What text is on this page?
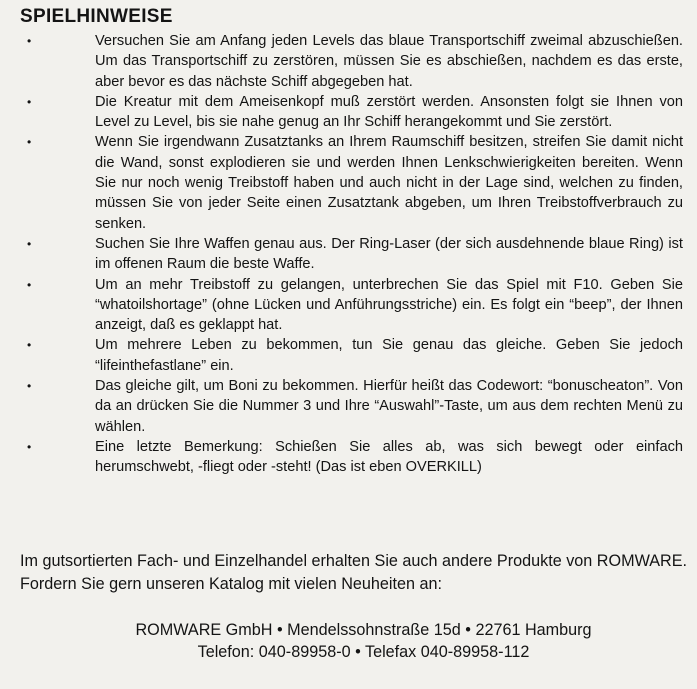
SPIELHINWEISE
•	Versuchen Sie am Anfang jeden Levels das blaue Transportschiff zweimal abzuschießen. Um das Transportschiff zu zerstören, müssen Sie es abschießen, nachdem es das erste, aber bevor es das nächste Schiff abgegeben hat.
•	Die Kreatur mit dem Ameisenkopf muß zerstört werden. Ansonsten folgt sie Ihnen von Level zu Level, bis sie nahe genug an Ihr Schiff herangekommt und Sie zerstört.
•	Wenn Sie irgendwann Zusatztanks an Ihrem Raumschiff besitzen, streifen Sie damit nicht die Wand, sonst explodieren sie und werden Ihnen Lenkschwierigkeiten bereiten. Wenn Sie nur noch wenig Treibstoff haben und auch nicht in der Lage sind, welchen zu finden, müssen Sie von jeder Seite einen Zusatztank abgeben, um Ihren Treibstoffverbrauch zu senken.
•	Suchen Sie Ihre Waffen genau aus. Der Ring-Laser (der sich ausdehnende blaue Ring) ist im offenen Raum die beste Waffe.
•	Um an mehr Treibstoff zu gelangen, unterbrechen Sie das Spiel mit F10. Geben Sie “whatoilshortage” (ohne Lücken und Anführungsstriche) ein. Es folgt ein “beep”, der Ihnen anzeigt, daß es geklappt hat.
•	Um mehrere Leben zu bekommen, tun Sie genau das gleiche. Geben Sie jedoch “lifeinthefastlane” ein.
•	Das gleiche gilt, um Boni zu bekommen. Hierfür heißt das Codewort: “bonuscheaton”. Von da an drücken Sie die Nummer 3 und Ihre “Auswahl”-Taste, um aus dem rechten Menü zu wählen.
•	Eine letzte Bemerkung: Schießen Sie alles ab, was sich bewegt oder einfach herumschwebt, -fliegt oder -steht! (Das ist eben OVERKILL)
Im gutsortierten Fach- und Einzelhandel erhalten Sie auch andere Produkte von ROMWARE. Fordern Sie gern unseren Katalog mit vielen Neuheiten an:
ROMWARE GmbH • Mendelssohnstraße 15d • 22761 Hamburg
Telefon: 040-89958-0 • Telefax 040-89958-112
